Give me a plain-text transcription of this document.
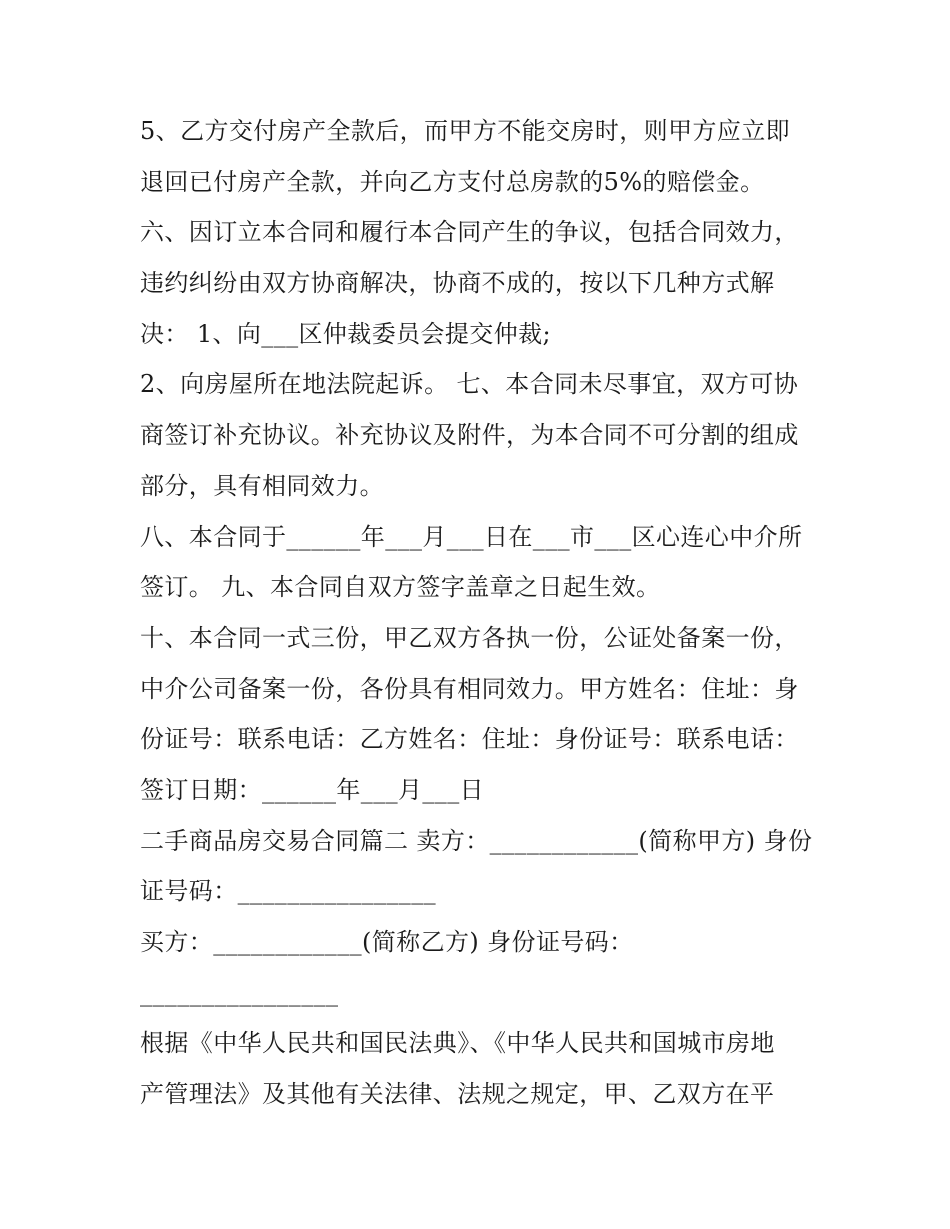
5、乙方交付房产全款后，而甲方不能交房时，则甲方应立即
退回已付房产全款，并向乙方支付总房款的5%的赔偿金。
六、因订立本合同和履行本合同产生的争议，包括合同效力，
违约纠纷由双方协商解决，协商不成的，按以下几种方式解
决： 1、向___区仲裁委员会提交仲裁;
2、向房屋所在地法院起诉。 七、本合同未尽事宜，双方可协
商签订补充协议。补充协议及附件，为本合同不可分割的组成
部分，具有相同效力。
八、本合同于______年___月___日在___市___区心连心中介所
签订。 九、本合同自双方签字盖章之日起生效。
十、本合同一式三份，甲乙双方各执一份，公证处备案一份，
中介公司备案一份，各份具有相同效力。甲方姓名：住址：身
份证号：联系电话：乙方姓名：住址：身份证号：联系电话：
签订日期：______年___月___日
二手商品房交易合同篇二 卖方：____________(简称甲方) 身份
证号码：________________
买方：____________(简称乙方) 身份证号码：
________________
根据《中华人民共和国民法典》、《中华人民共和国城市房地
产管理法》及其他有关法律、法规之规定，甲、乙双方在平
